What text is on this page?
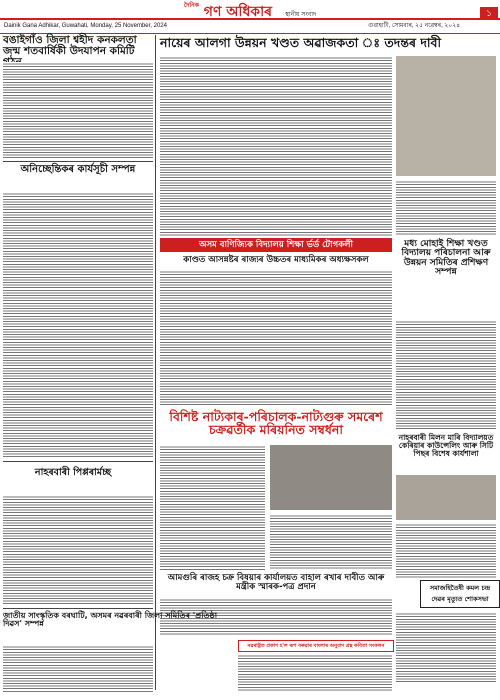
$^{দৈনিক}$ গণ অধিকাৰ স্থানীয় সংবাদ
Dainik Gana Adhikar, Guwahati, Monday, 25 November, 2024	গুৱাহাটী, সোমবাৰ, ২৫ নৱেম্বৰ, ২০২৪
১
বঙাইগাঁও জিলা শ্বহীদ কনকলতা জন্ম শতবাৰ্ষিকী উদযাপন কমিটি
নায়েৰ আলগা উন্নয়ন খণ্ডত অৱাজকতা ঃ তদন্তৰ দাবী
অনিচ্ছেন্তিকৰ কাৰ্যসূচী সম্পন্ন
অসম বাণিজ্যিক বিদ্যালয় শিক্ষা ৰ্ভৰ্ড টোগকলী
কাণ্ডত আসন্নষ্টৰ ৰাজ্যৰ উচ্চতৰ মাধ্যমিকৰ অধ্যক্ষসকল
মধ্য মোহাই শিক্ষা খণ্ডত বিদ্যালয় পৰিচালনা আৰু উন্নয়ন সমিতিৰ প্ৰশিক্ষণ সম্পন্ন
বিশিষ্ট নাট্যকাৰ-পৰিচালক-নাট্যগুৰু সমৰেশ চক্ৰৱৰ্তীক মৰিয়নিত সম্বৰ্ধনা
নাহৰবাৰী মিলন মাৰি বিদ্যালয়ত কেৰিয়াৰ কাউন্সেলিং আৰু সিটি পিছৰ বিশেষ কাৰ্যশালা
নাহৰবাৰী পিপ্পৰাৰ্মচ্ছ
সমাজহিতৈষী কমল চন্দ্ৰ দেৱৰ মৃত্যুত শোকসভা
আমগুৰি ৰাজহ চক্ৰ বিষয়াৰ কাৰ্যালয়ত বাহাল ৰখাৰ দাবীত আৰু মন্ত্ৰীক স্মাৰক-পত্ৰ প্ৰদান
জাতীয় সাংস্কৃতিক বৰঘাটি, অসমৰ নৱৰবাৰী জিলা সমিতিৰ 'প্ৰতিষ্ঠা দিৱস' সম্পন্ন
নৱৰাষ্ট্ৰত প্ৰকাশ হ'ল ৰূপ বৰুৱাৰ বাংলাৰ অনুবাদ গ্ৰন্থ কবিতা সংকলন
